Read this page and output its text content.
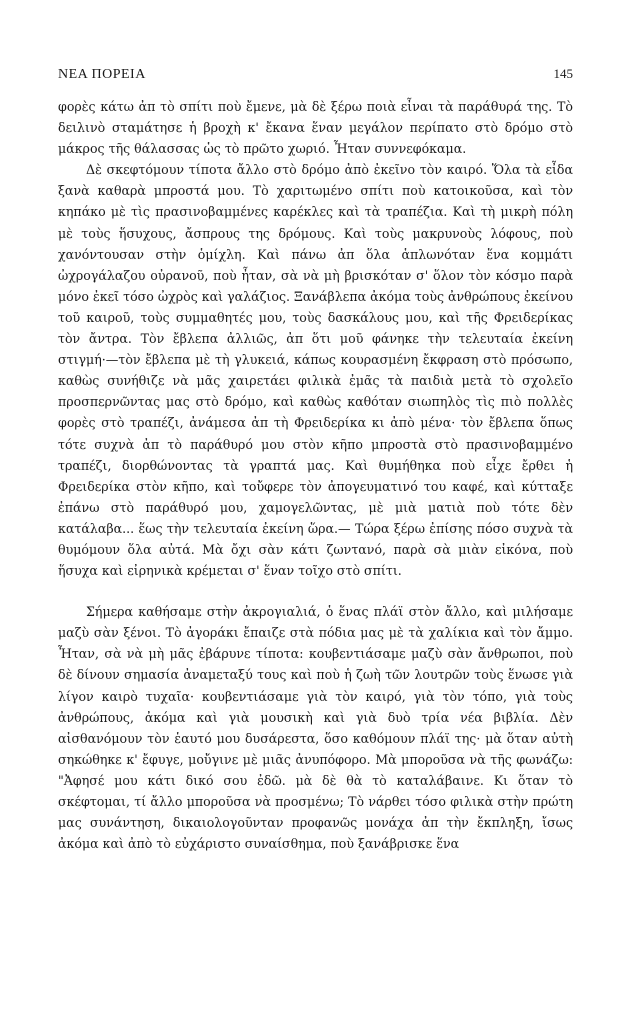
ΝΕΑ ΠΟΡΕΙΑ	145

φορὲς κάτω ἀπ τὸ σπίτι ποὺ ἔμενε, μὰ δὲ ξέρω ποιὰ εἶναι τὰ παράθυρά της. Τὸ δειλινὸ σταμάτησε ἡ βροχὴ κ' ἔκανα ἕναν μεγάλον περίπατο στὸ δρόμο στὸ μάκρος τῆς θάλασσας ὡς τὸ πρῶτο χωριό. Ἦταν συννεφόκαμα.

Δὲ σκεφτόμουν τίποτα ἄλλο στὸ δρόμο ἀπὸ ἐκεῖνο τὸν καιρό. Ὅλα τὰ εἶδα ξανὰ καθαρὰ μπροστά μου. Τὸ χαριτωμένο σπίτι ποὺ κατοικοῦσα, καὶ τὸν κηπάκο μὲ τὶς πρασινοβαμμένες καρέκλες καὶ τὰ τραπέζια. Καὶ τὴ μικρὴ πόλη μὲ τοὺς ἥσυχους, ἄσπρους της δρόμους. Καὶ τοὺς μακρυνοὺς λόφους, ποὺ χανόντουσαν στὴν ὁμίχλη. Καὶ πάνω ἀπ ὅλα ἁπλωνόταν ἕνα κομμάτι ὠχρογάλαζου οὐρανοῦ, ποὺ ἦταν, σὰ νὰ μὴ βρισκόταν σ' ὅλον τὸν κόσμο παρὰ μόνο ἐκεῖ τόσο ὠχρὸς καὶ γαλάζιος. Ξανάβλεπα ἀκόμα τοὺς ἀνθρώπους ἐκείνου τοῦ καιροῦ, τοὺς συμμαθητές μου, τοὺς δασκάλους μου, καὶ τῆς Φρειδερίκας τὸν ἄντρα. Τὸν ἔβλεπα ἀλλιῶς, ἀπ ὅτι μοῦ φάνηκε τὴν τελευταία ἐκείνη στιγμή·—τὸν ἔβλεπα μὲ τὴ γλυκειά, κάπως κουρασμένη ἔκφραση στὸ πρόσωπο, καθὼς συνήθιζε νὰ μᾶς χαιρετάει φιλικὰ ἐμᾶς τὰ παιδιὰ μετὰ τὸ σχολεῖο προσπερνῶντας μας στὸ δρόμο, καὶ καθὼς καθόταν σιωπηλὸς τὶς πιὸ πολλὲς φορὲς στὸ τραπέζι, ἀνάμεσα ἀπ τὴ Φρειδερίκα κι ἀπὸ μένα· τὸν ἔβλεπα ὅπως τότε συχνὰ ἀπ τὸ παράθυρό μου στὸν κῆπο μπροστὰ στὸ πρασινοβαμμένο τραπέζι, διορθώνοντας τὰ γραπτά μας. Καὶ θυμήθηκα ποὺ εἶχε ἔρθει ἡ Φρειδερίκα στὸν κῆπο, καὶ τοὔφερε τὸν ἀπογευματινό του καφέ, καὶ κύτταξε ἐπάνω στὸ παράθυρό μου, χαμογελῶντας, μὲ μιὰ ματιὰ ποὺ τότε δὲν κατάλαβα... ἕως τὴν τελευταία ἐκείνη ὥρα.— Τώρα ξέρω ἐπίσης πόσο συχνὰ τὰ θυμόμουν ὅλα αὐτά. Μὰ ὄχι σὰν κάτι ζωντανό, παρὰ σὰ μιὰν εἰκόνα, ποὺ ἥσυχα καὶ εἰρηνικὰ κρέμεται σ' ἕναν τοῖχο στὸ σπίτι.

Σήμερα καθήσαμε στὴν ἀκρογιαλιά, ὁ ἕνας πλάϊ στὸν ἄλλο, καὶ μιλήσαμε μαζὺ σὰν ξένοι. Τὸ ἀγοράκι ἔπαιζε στὰ πόδια μας μὲ τὰ χαλίκια καὶ τὸν ἄμμο. Ἦταν, σὰ νὰ μὴ μᾶς ἐβάρυνε τίποτα: κουβεντιάσαμε μαζὺ σὰν ἄνθρωποι, ποὺ δὲ δίνουν σημασία ἀναμεταξύ τους καὶ ποὺ ἡ ζωὴ τῶν λουτρῶν τοὺς ἕνωσε γιὰ λίγον καιρὸ τυχαῖα· κουβεντιάσαμε γιὰ τὸν καιρό, γιὰ τὸν τόπο, γιὰ τοὺς ἀνθρώπους, ἀκόμα καὶ γιὰ μουσικὴ καὶ γιὰ δυὸ τρία νέα βιβλία. Δὲν αἰσθανόμουν τὸν ἑαυτό μου δυσάρεστα, ὅσο καθόμουν πλάϊ της· μὰ ὅταν αὐτὴ σηκώθηκε κ' ἔφυγε, μοὔγινε μὲ μιᾶς ἀνυπόφορο. Μὰ μποροῦσα νὰ τῆς φωνάζω: "Ἀφησέ μου κάτι δικό σου ἐδῶ. μὰ δὲ θὰ τὸ καταλάβαινε. Κι ὅταν τὸ σκέφτομαι, τί ἄλλο μποροῦσα νὰ προσμένω; Τὸ νάρθει τόσο φιλικὰ στὴν πρώτη μας συνάντηση, δικαιολογοῦνταν προφανῶς μονάχα ἀπ τὴν ἔκπληξη, ἴσως ἀκόμα καὶ ἀπὸ τὸ εὐχάριστο συναίσθημα, ποὺ ξανάβρισκε ἕνα
